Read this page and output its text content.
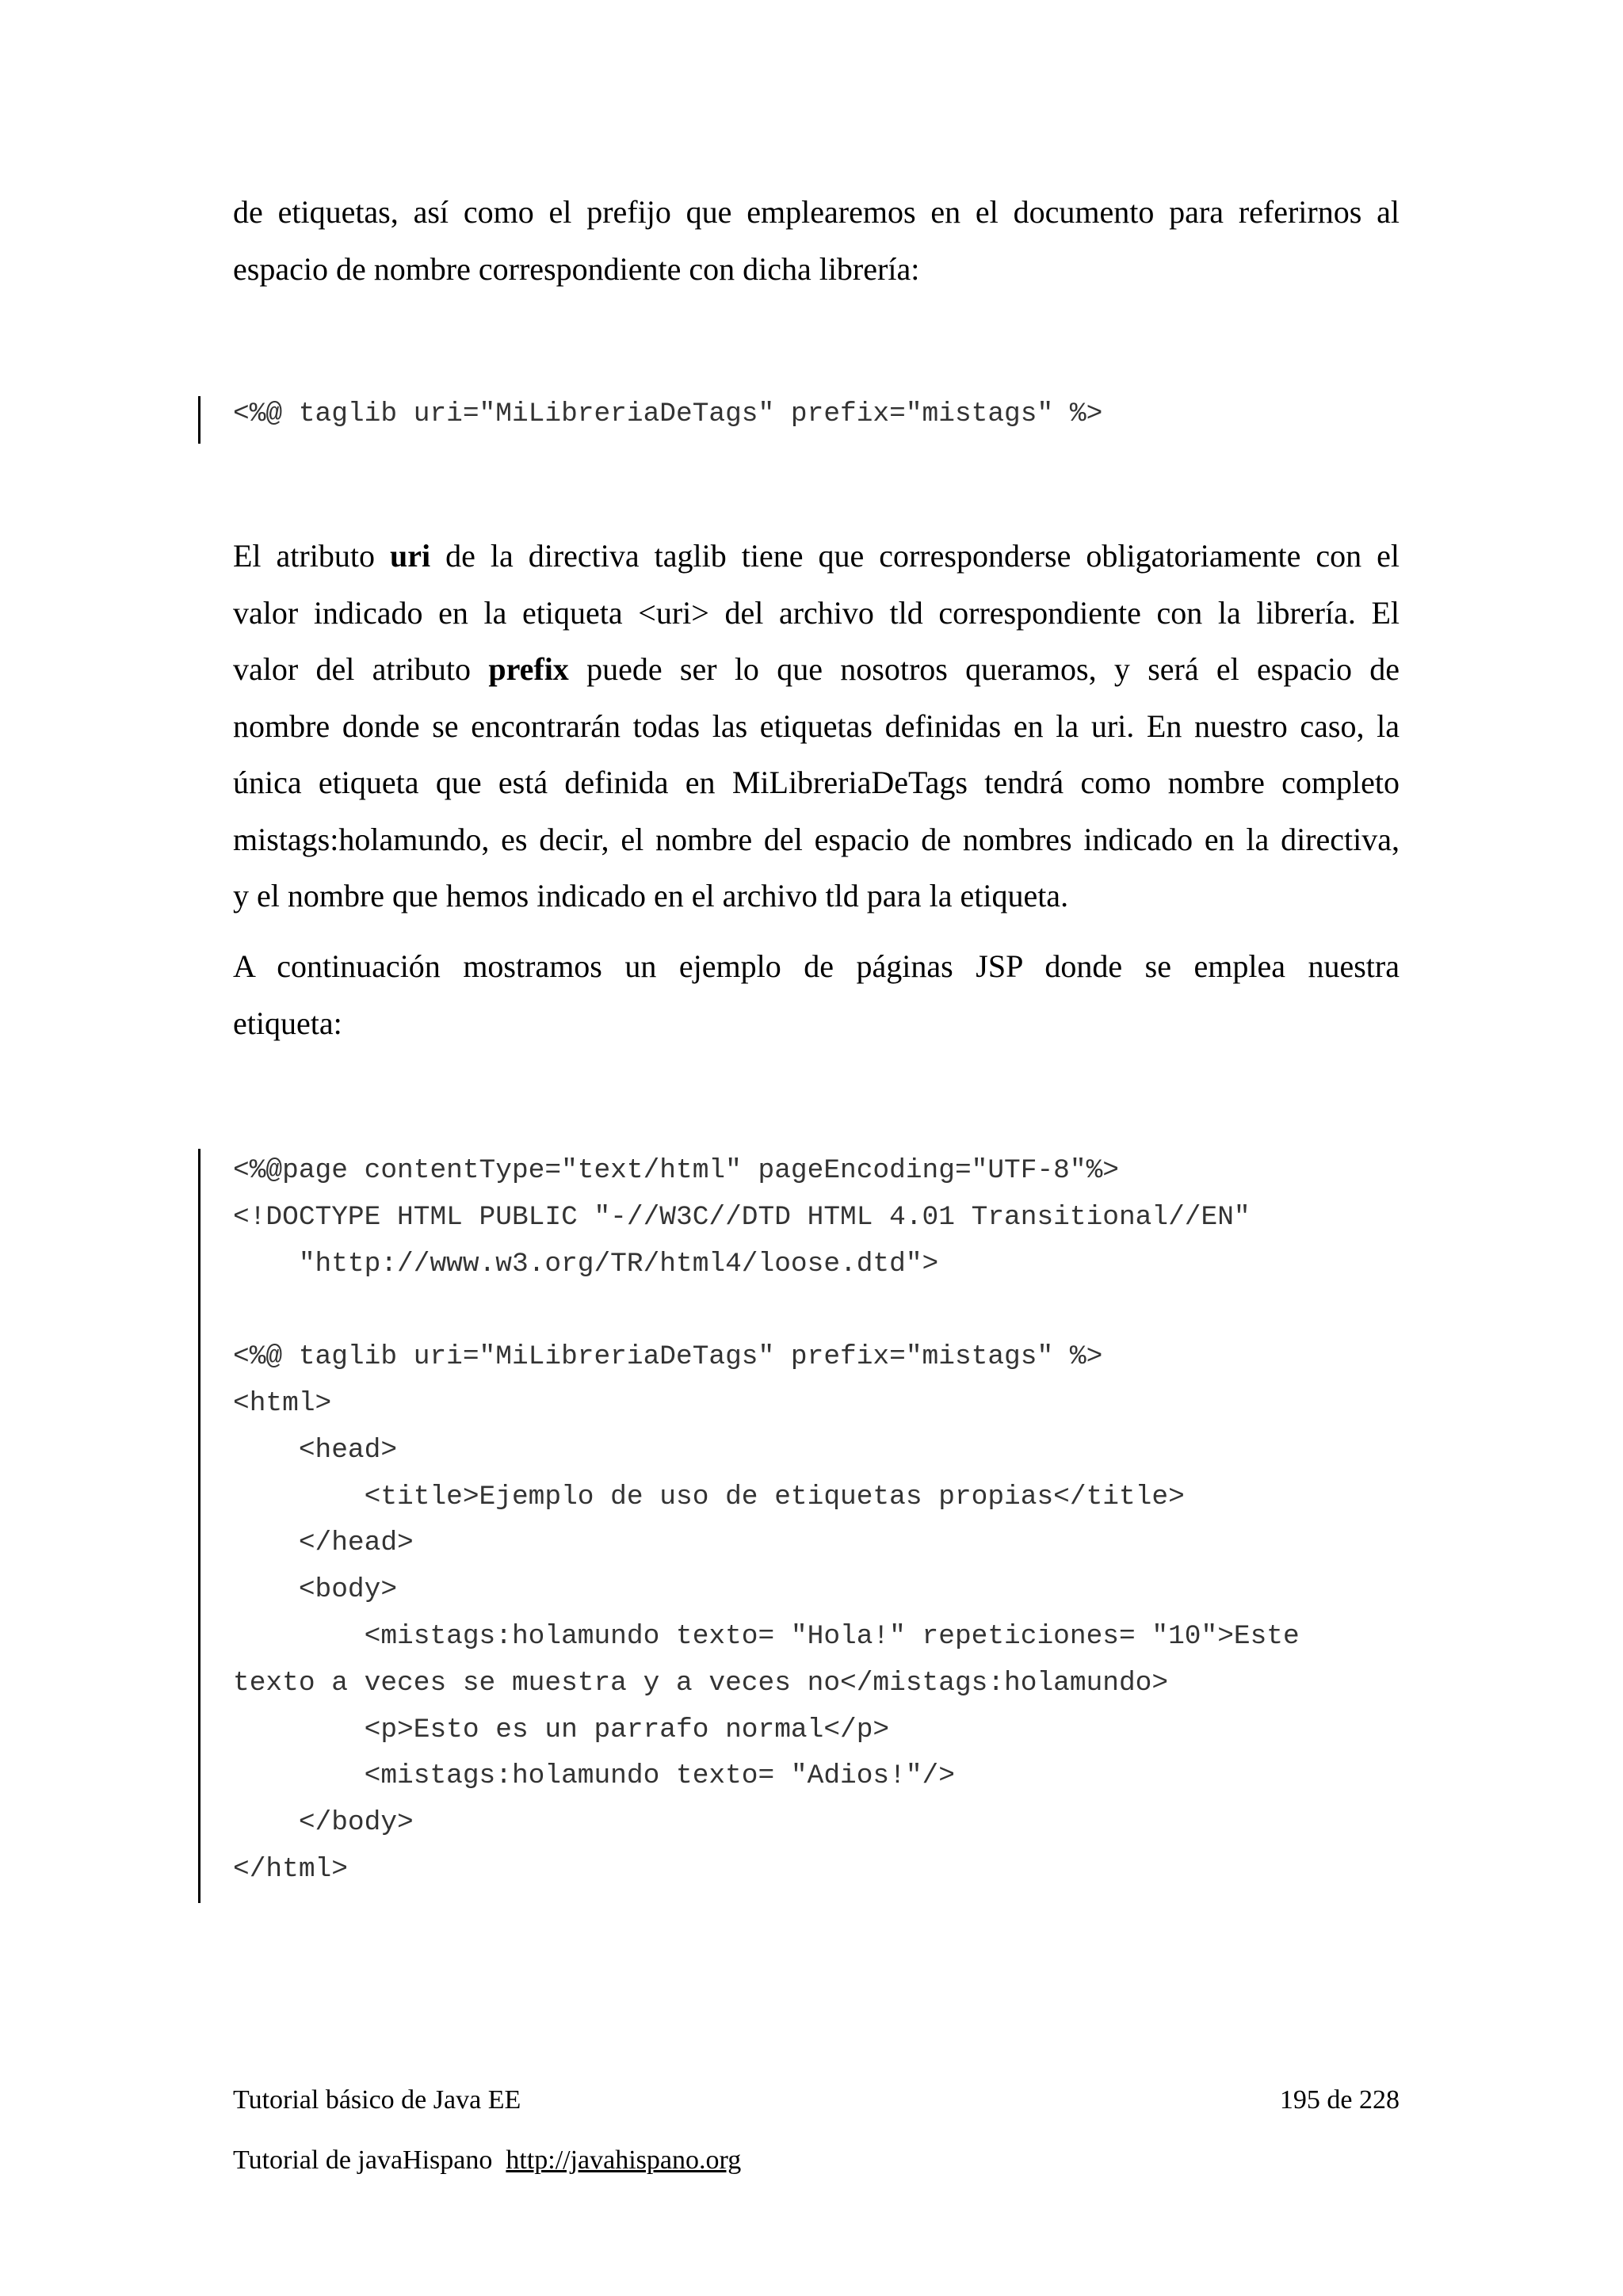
de etiquetas, así como el prefijo que emplearemos en el documento para referirnos al
espacio de nombre correspondiente con dicha librería:

<%@ taglib uri="MiLibreriaDeTags" prefix="mistags" %>

El atributo uri de la directiva taglib tiene que corresponderse obligatoriamente con el
valor indicado en la etiqueta <uri> del archivo tld correspondiente con la librería. El
valor del atributo prefix puede ser lo que nosotros queramos, y será el espacio de
nombre donde se encontrarán todas las etiquetas definidas en la uri. En nuestro caso, la
única etiqueta que está definida en MiLibreriaDeTags tendrá como nombre completo
mistags:holamundo, es decir, el nombre del espacio de nombres indicado en la directiva,
y el nombre que hemos indicado en el archivo tld para la etiqueta.

A continuación mostramos un ejemplo de páginas JSP donde se emplea nuestra
etiqueta:

<%@page contentType="text/html" pageEncoding="UTF-8"%>
<!DOCTYPE HTML PUBLIC "-//W3C//DTD HTML 4.01 Transitional//EN"
"http://www.w3.org/TR/html4/loose.dtd">

<%@ taglib uri="MiLibreriaDeTags" prefix="mistags" %>
<html>
<head>
<title>Ejemplo de uso de etiquetas propias</title>
</head>
<body>
<mistags:holamundo texto= "Hola!" repeticiones= "10">Este
texto a veces se muestra y a veces no</mistags:holamundo>
<p>Esto es un parrafo normal</p>
<mistags:holamundo texto= "Adios!"/>
</body>
</html>
Tutorial básico de Java EE	195 de 228
Tutorial de javaHispano http://javahispano.org
